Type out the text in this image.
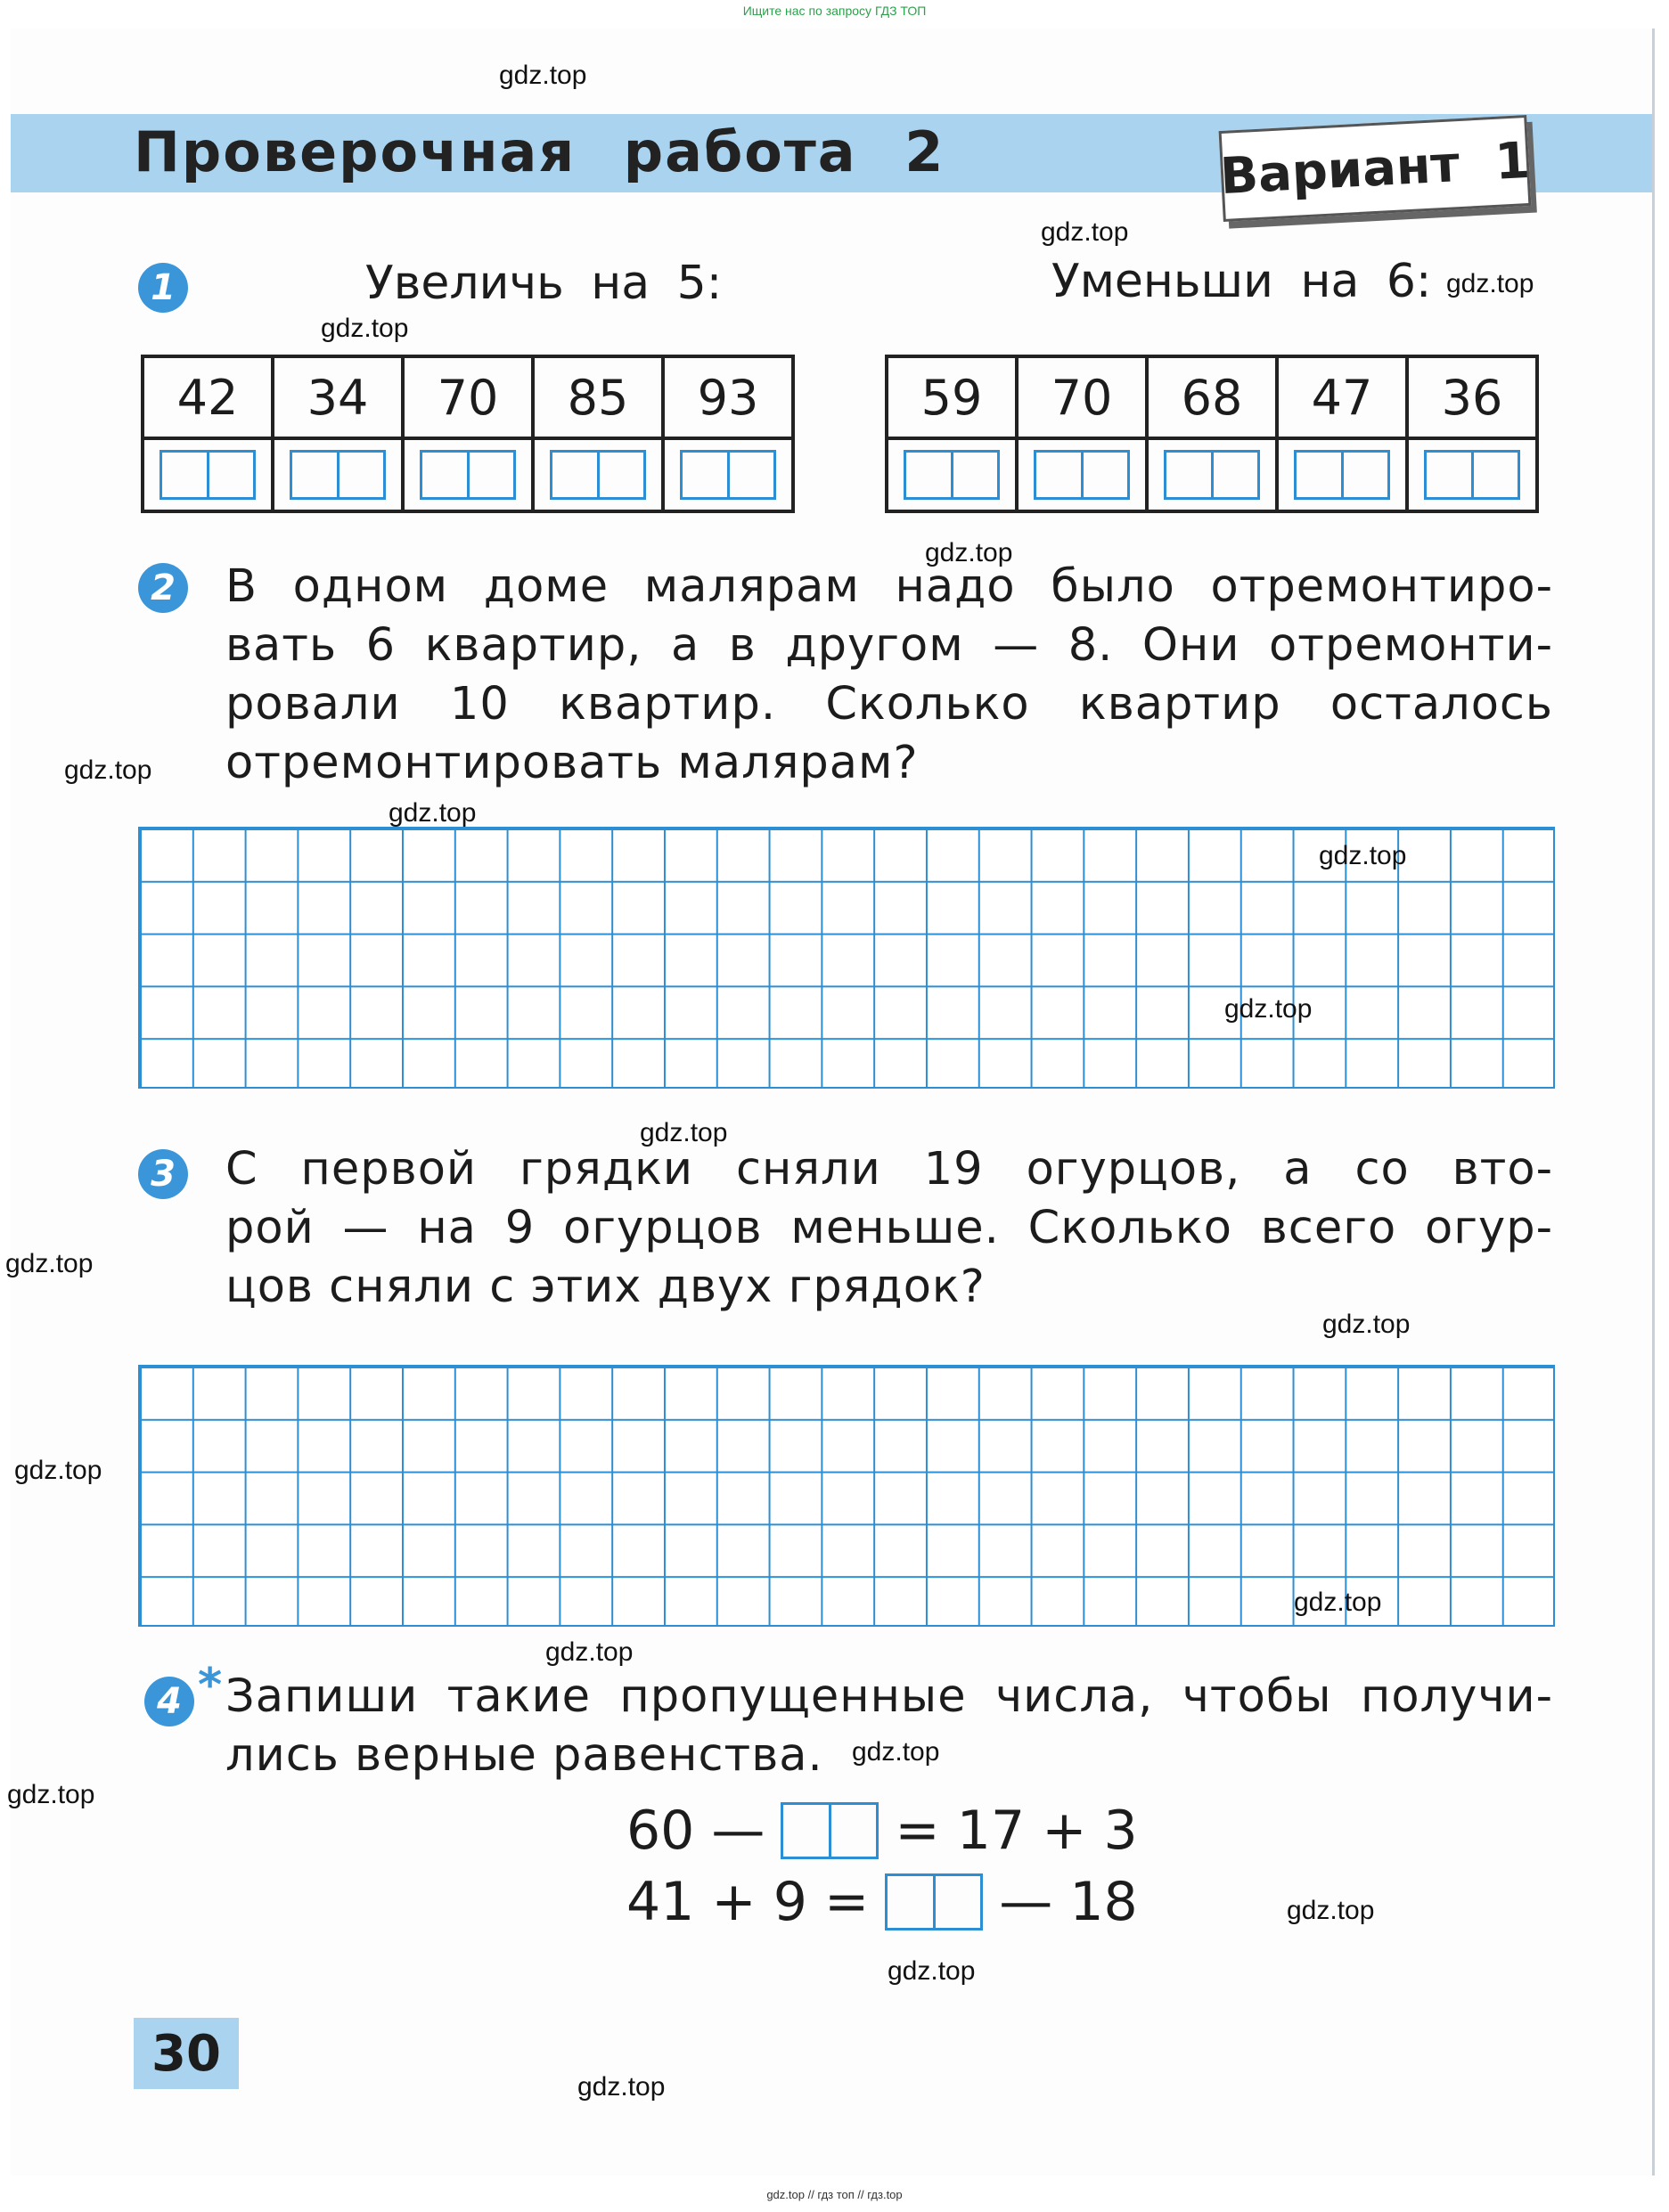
Ищите нас по запросу ГДЗ ТОП
Проверочная работа 2	Вариант 1
1	Увеличь на 5:	Уменьши на 6:
42	34	70	85	93

		59	70	68	47	36

2 В одном доме малярам надо было отремонтиро-
вать 6 квартир, а в другом — 8. Они отремонти-
ровали 10 квартир. Сколько квартир осталось
отремонтировать малярам?
3 С первой грядки сняли 19 огурцов, а со вто-
рой — на 9 огурцов меньше. Сколько всего огур-
цов сняли с этих двух грядок?
4 * Запиши такие пропущенные числа, чтобы получи-
лись верные равенства.
60 — = 17 + 3
41 + 9 = — 18
30
gdz.top
gdz.top
gdz.top
gdz.top
gdz.top
gdz.top
gdz.top
gdz.top
gdz.top
gdz.top
gdz.top
gdz.top
gdz.top
gdz.top
gdz.top
gdz.top
gdz.top
gdz.top
gdz.top
gdz.top
gdz.top // гдз топ // гдз.top
